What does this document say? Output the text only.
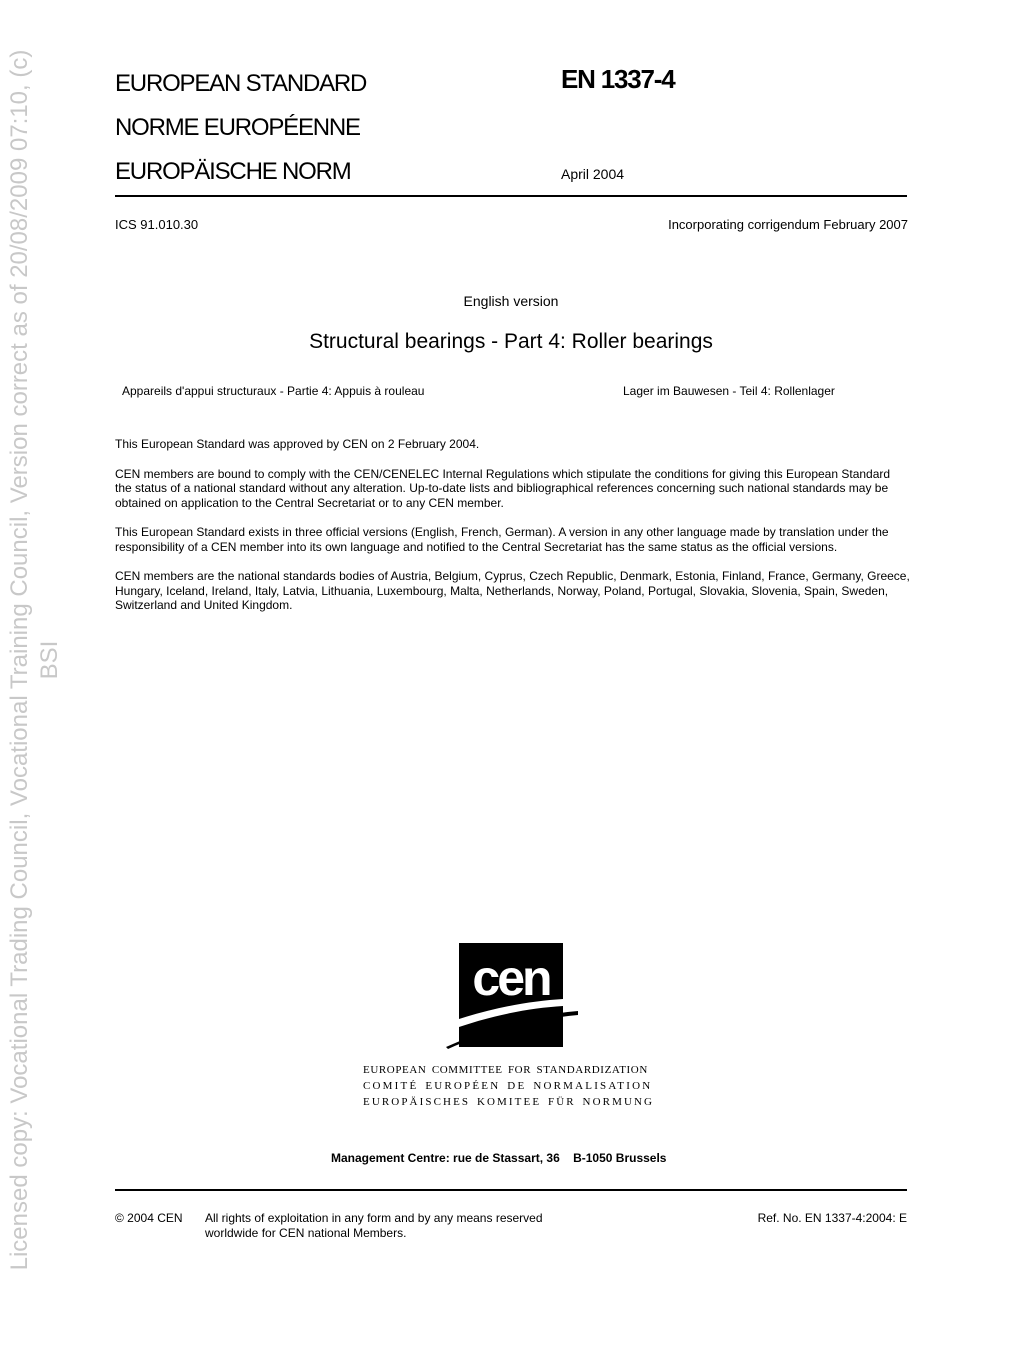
Licensed copy: Vocational Trading Council, Vocational Training Council, Version correct as of 20/08/2009 07:10, (c)
BSI
EUROPEAN STANDARD
NORME EUROPÉENNE
EUROPÄISCHE NORM
EN 1337-4
April 2004
ICS 91.010.30	Incorporating corrigendum February 2007
English version
Structural bearings - Part 4: Roller bearings
Appareils d'appui structuraux - Partie 4: Appuis à rouleau	Lager im Bauwesen - Teil 4: Rollenlager

This European Standard was approved by CEN on 2 February 2004.

CEN members are bound to comply with the CEN/CENELEC Internal Regulations which stipulate the conditions for giving this European Standard the status of a national standard without any alteration. Up-to-date lists and bibliographical references concerning such national standards may be obtained on application to the Central Secretariat or to any CEN member.

This European Standard exists in three official versions (English, French, German). A version in any other language made by translation under the responsibility of a CEN member into its own language and notified to the Central Secretariat has the same status as the official versions.

CEN members are the national standards bodies of Austria, Belgium, Cyprus, Czech Republic, Denmark, Estonia, Finland, France, Germany, Greece, Hungary, Iceland, Ireland, Italy, Latvia, Lithuania, Luxembourg, Malta, Netherlands, Norway, Poland, Portugal, Slovakia, Slovenia, Spain, Sweden, Switzerland and United Kingdom.

cen
EUROPEAN COMMITTEE FOR STANDARDIZATION
COMITÉ EUROPÉEN DE NORMALISATION
EUROPÄISCHES KOMITEE FÜR NORMUNG
Management Centre: rue de Stassart, 36    B-1050 Brussels
© 2004 CEN All rights of exploitation in any form and by any means reserved
worldwide for CEN national Members.
Ref. No. EN 1337-4:2004: E
